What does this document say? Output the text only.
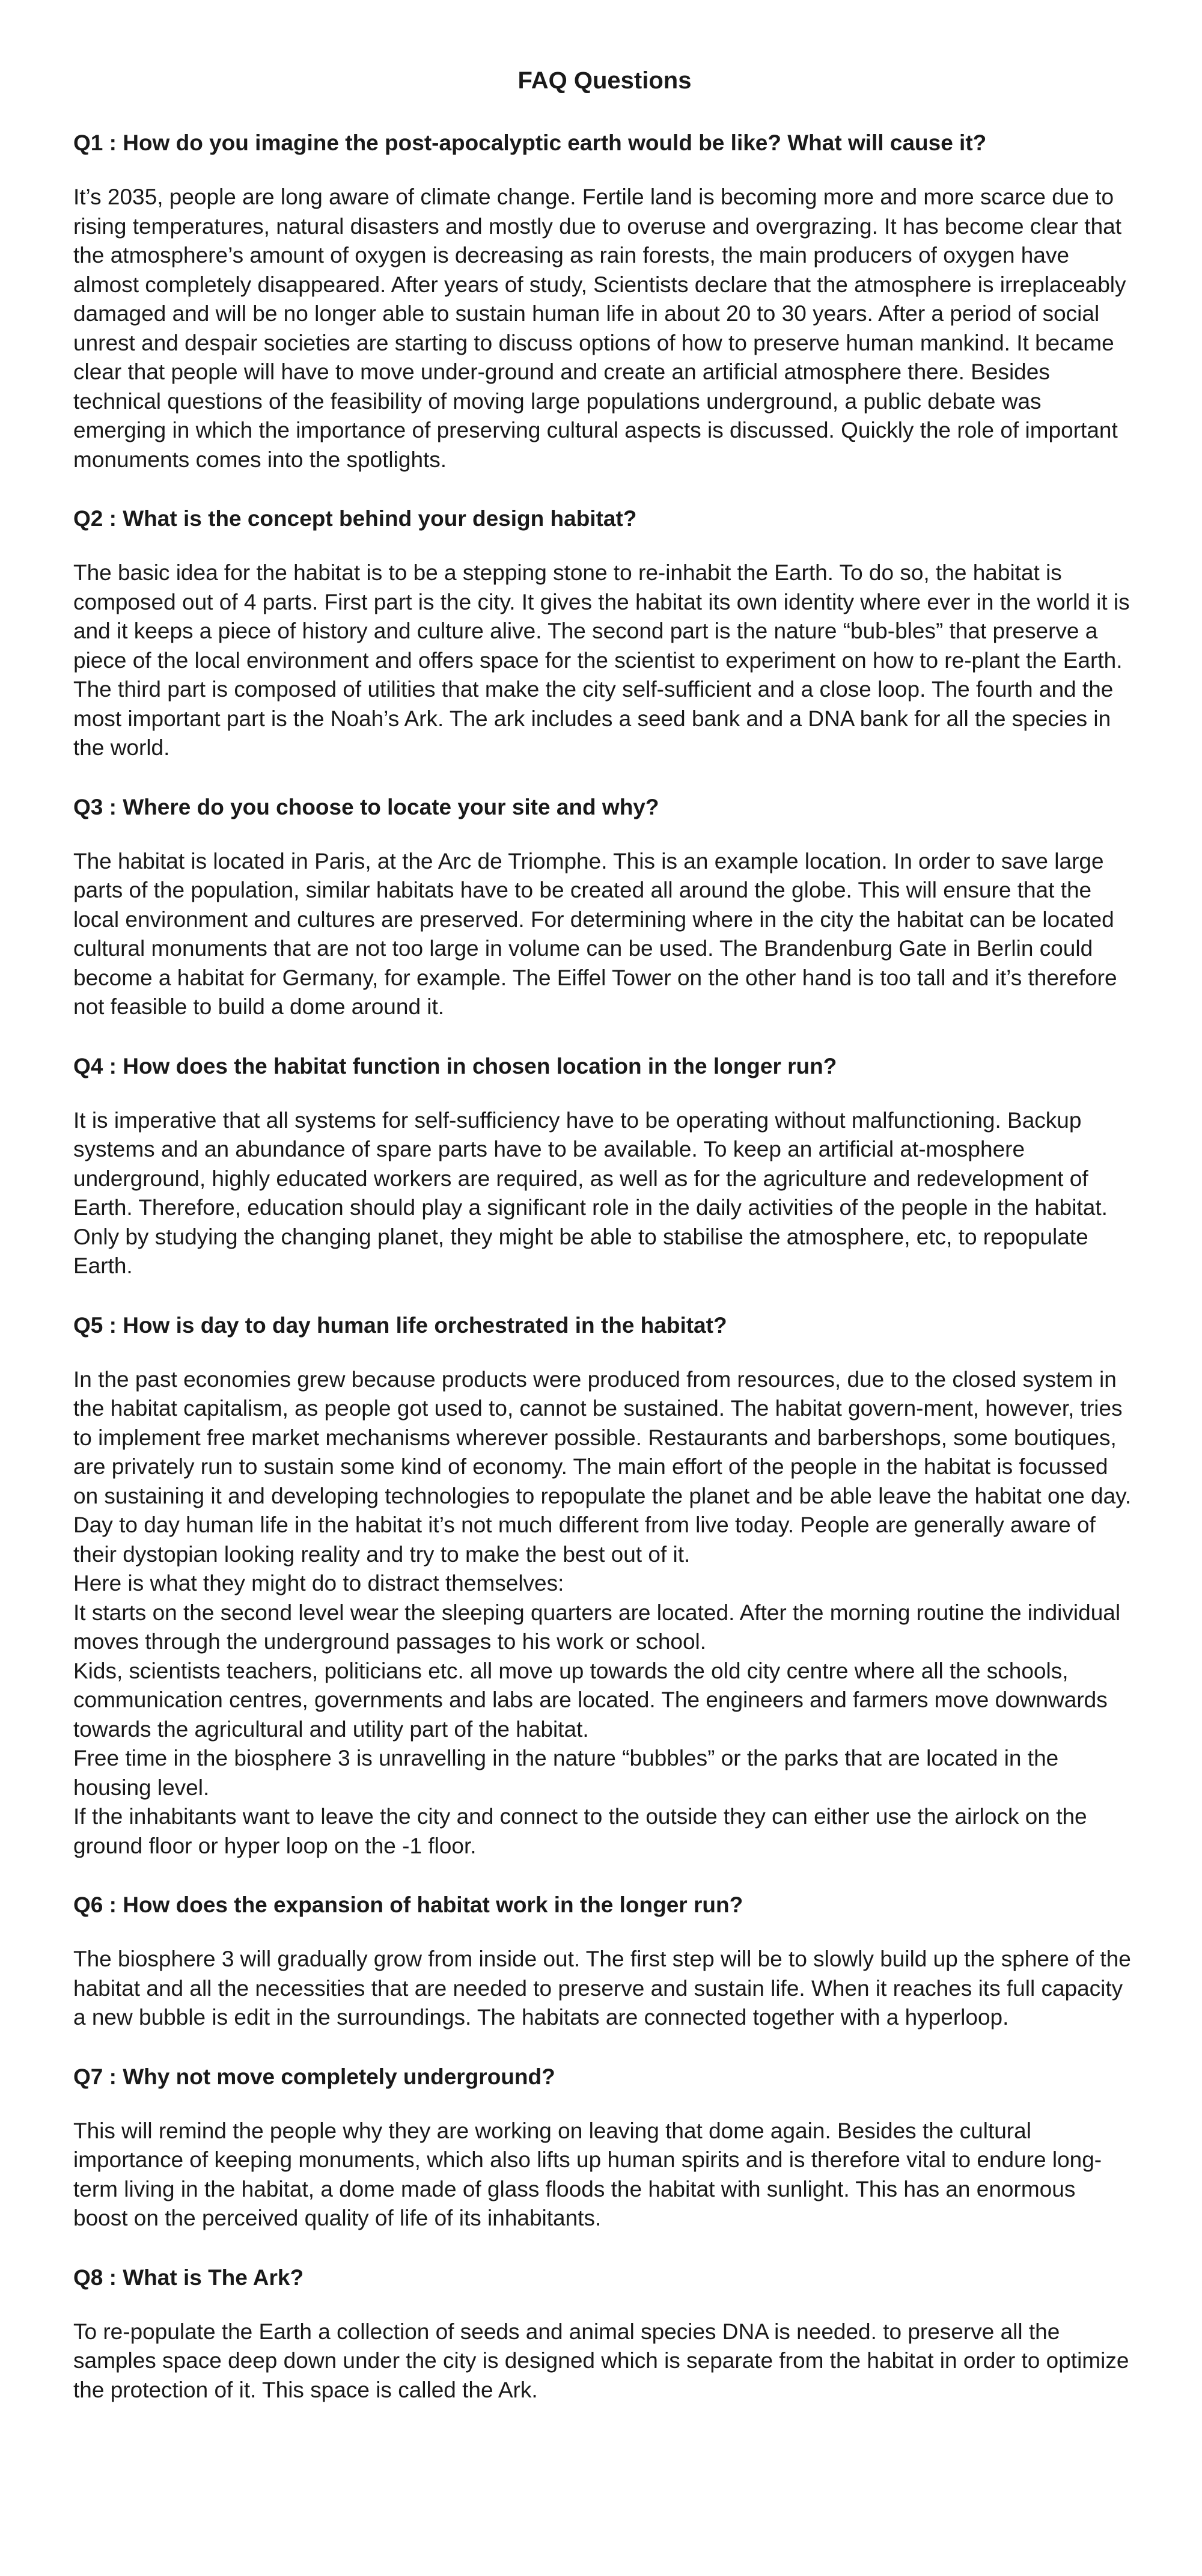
FAQ Questions
Q1 : How do you imagine the post-apocalyptic earth would be like? What will cause it?

It’s 2035, people are long aware of climate change. Fertile land is becoming more and more scarce due to rising temperatures, natural disasters and mostly due to overuse and overgrazing. It has become clear that the atmosphere’s amount of oxygen is decreasing as rain forests, the main producers of oxygen have almost completely disappeared. After years of study, Scientists declare that the atmosphere is irreplaceably damaged and will be no longer able to sustain human life in about 20 to 30 years. After a period of social unrest and despair societies are starting to discuss options of how to preserve human mankind. It became clear that people will have to move under-ground and create an artificial atmosphere there. Besides technical questions of the feasibility of moving large populations underground, a public debate was emerging in which the importance of preserving cultural aspects is discussed. Quickly the role of important monuments comes into the spotlights.

Q2 : What is the concept behind your design habitat?

The basic idea for the habitat is to be a stepping stone to re-inhabit the Earth. To do so, the habitat is composed out of 4 parts. First part is the city. It gives the habitat its own identity where ever in the world it is and it keeps a piece of history and culture alive. The second part is the nature “bub-bles” that preserve a piece of the local environment and offers space for the scientist to experiment on how to re-plant the Earth. The third part is composed of utilities that make the city self-sufficient and a close loop. The fourth and the most important part is the Noah’s Ark. The ark includes a seed bank and a DNA bank for all the species in the world.

Q3 : Where do you choose to locate your site and why?

The habitat is located in Paris, at the Arc de Triomphe. This is an example location. In order to save large parts of the population, similar habitats have to be created all around the globe. This will ensure that the local environment and cultures are preserved. For determining where in the city the habitat can be located cultural monuments that are not too large in volume can be used. The Brandenburg Gate in Berlin could become a habitat for Germany, for example. The Eiffel Tower on the other hand is too tall and it’s therefore not feasible to build a dome around it.

Q4 : How does the habitat function in chosen location in the longer run?

It is imperative that all systems for self-sufficiency have to be operating without malfunctioning. Backup systems and an abundance of spare parts have to be available. To keep an artificial at-mosphere underground, highly educated workers are required, as well as for the agriculture and redevelopment of Earth. Therefore, education should play a significant role in the daily activities of the people in the habitat. Only by studying the changing planet, they might be able to stabilise the atmosphere, etc, to repopulate Earth.

Q5 : How is day to day human life orchestrated in the habitat?

In the past economies grew because products were produced from resources, due to the closed system in the habitat capitalism, as people got used to, cannot be sustained. The habitat govern-ment, however, tries to implement free market mechanisms wherever possible. Restaurants and barbershops, some boutiques, are privately run to sustain some kind of economy. The main effort of the people in the habitat is focussed on sustaining it and developing technologies to repopulate the planet and be able leave the habitat one day. Day to day human life in the habitat it’s not much different from live today. People are generally aware of their dystopian looking reality and try to make the best out of it.

Here is what they might do to distract themselves:

It starts on the second level wear the sleeping quarters are located. After the morning routine the individual moves through the underground passages to his work or school.

Kids, scientists teachers, politicians etc. all move up towards the old city centre where all the schools, communication centres, governments and labs are located. The engineers and farmers move downwards towards the agricultural and utility part of the habitat.

Free time in the biosphere 3 is unravelling in the nature “bubbles” or the parks that are located in the housing level.

If the inhabitants want to leave the city and connect to the outside they can either use the airlock on the ground floor or hyper loop on the -1 floor.

Q6 : How does the expansion of habitat work in the longer run?

The biosphere 3 will gradually grow from inside out. The first step will be to slowly build up the sphere of the habitat and all the necessities that are needed to preserve and sustain life. When it reaches its full capacity a new bubble is edit in the surroundings. The habitats are connected together with a hyperloop.

Q7 : Why not move completely underground?

This will remind the people why they are working on leaving that dome again. Besides the cultural importance of keeping monuments, which also lifts up human spirits and is therefore vital to endure long-term living in the habitat, a dome made of glass floods the habitat with sunlight. This has an enormous boost on the perceived quality of life of its inhabitants.

Q8 : What is The Ark?

To re-populate the Earth a collection of seeds and animal species DNA is needed. to preserve all the samples space deep down under the city is designed which is separate from the habitat in order to optimize the protection of it. This space is called the Ark.
